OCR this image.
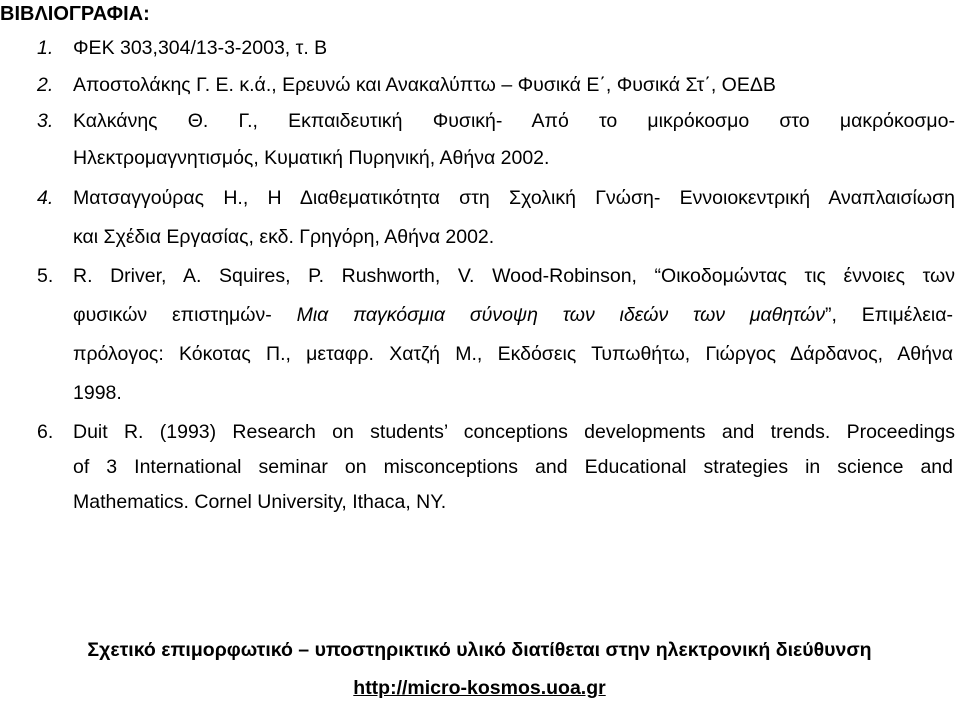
ΒΙΒΛΙΟΓΡΑΦΙΑ:
1. ΦΕΚ 303,304/13-3-2003, τ. Β
2. Αποστολάκης Γ. Ε. κ.ά., Ερευνώ και Ανακαλύπτω – Φυσικά Ε΄, Φυσικά Στ΄, ΟΕΔΒ
3. Καλκάνης Θ. Γ., Εκπαιδευτική Φυσική- Από το μικρόκοσμο στο μακρόκοσμο-
Ηλεκτρομαγνητισμός, Κυματική Πυρηνική, Αθήνα 2002.
4. Ματσαγγούρας Η., Η Διαθεματικότητα στη Σχολική Γνώση- Εννοιοκεντρική Αναπλαισίωση
και Σχέδια Εργασίας, εκδ. Γρηγόρη, Αθήνα 2002.
5. R. Driver, A. Squires, P. Rushworth, V. Wood-Robinson, “Οικοδομώντας τις έννοιες των
φυσικών επιστημών- Μια παγκόσμια σύνοψη των ιδεών των μαθητών”, Επιμέλεια-
πρόλογος: Κόκοτας Π., μεταφρ. Χατζή Μ., Εκδόσεις Τυπωθήτω, Γιώργος Δάρδανος, Αθήνα
1998.
6. Duit R. (1993) Research on students’ conceptions developments and trends. Proceedings
of 3 International seminar on misconceptions and Educational strategies in science and
Mathematics. Cornel University, Ithaca, NY.
Σχετικό επιμορφωτικό – υποστηρικτικό υλικό διατίθεται στην ηλεκτρονική διεύθυνση
http://micro-kosmos.uoa.gr
